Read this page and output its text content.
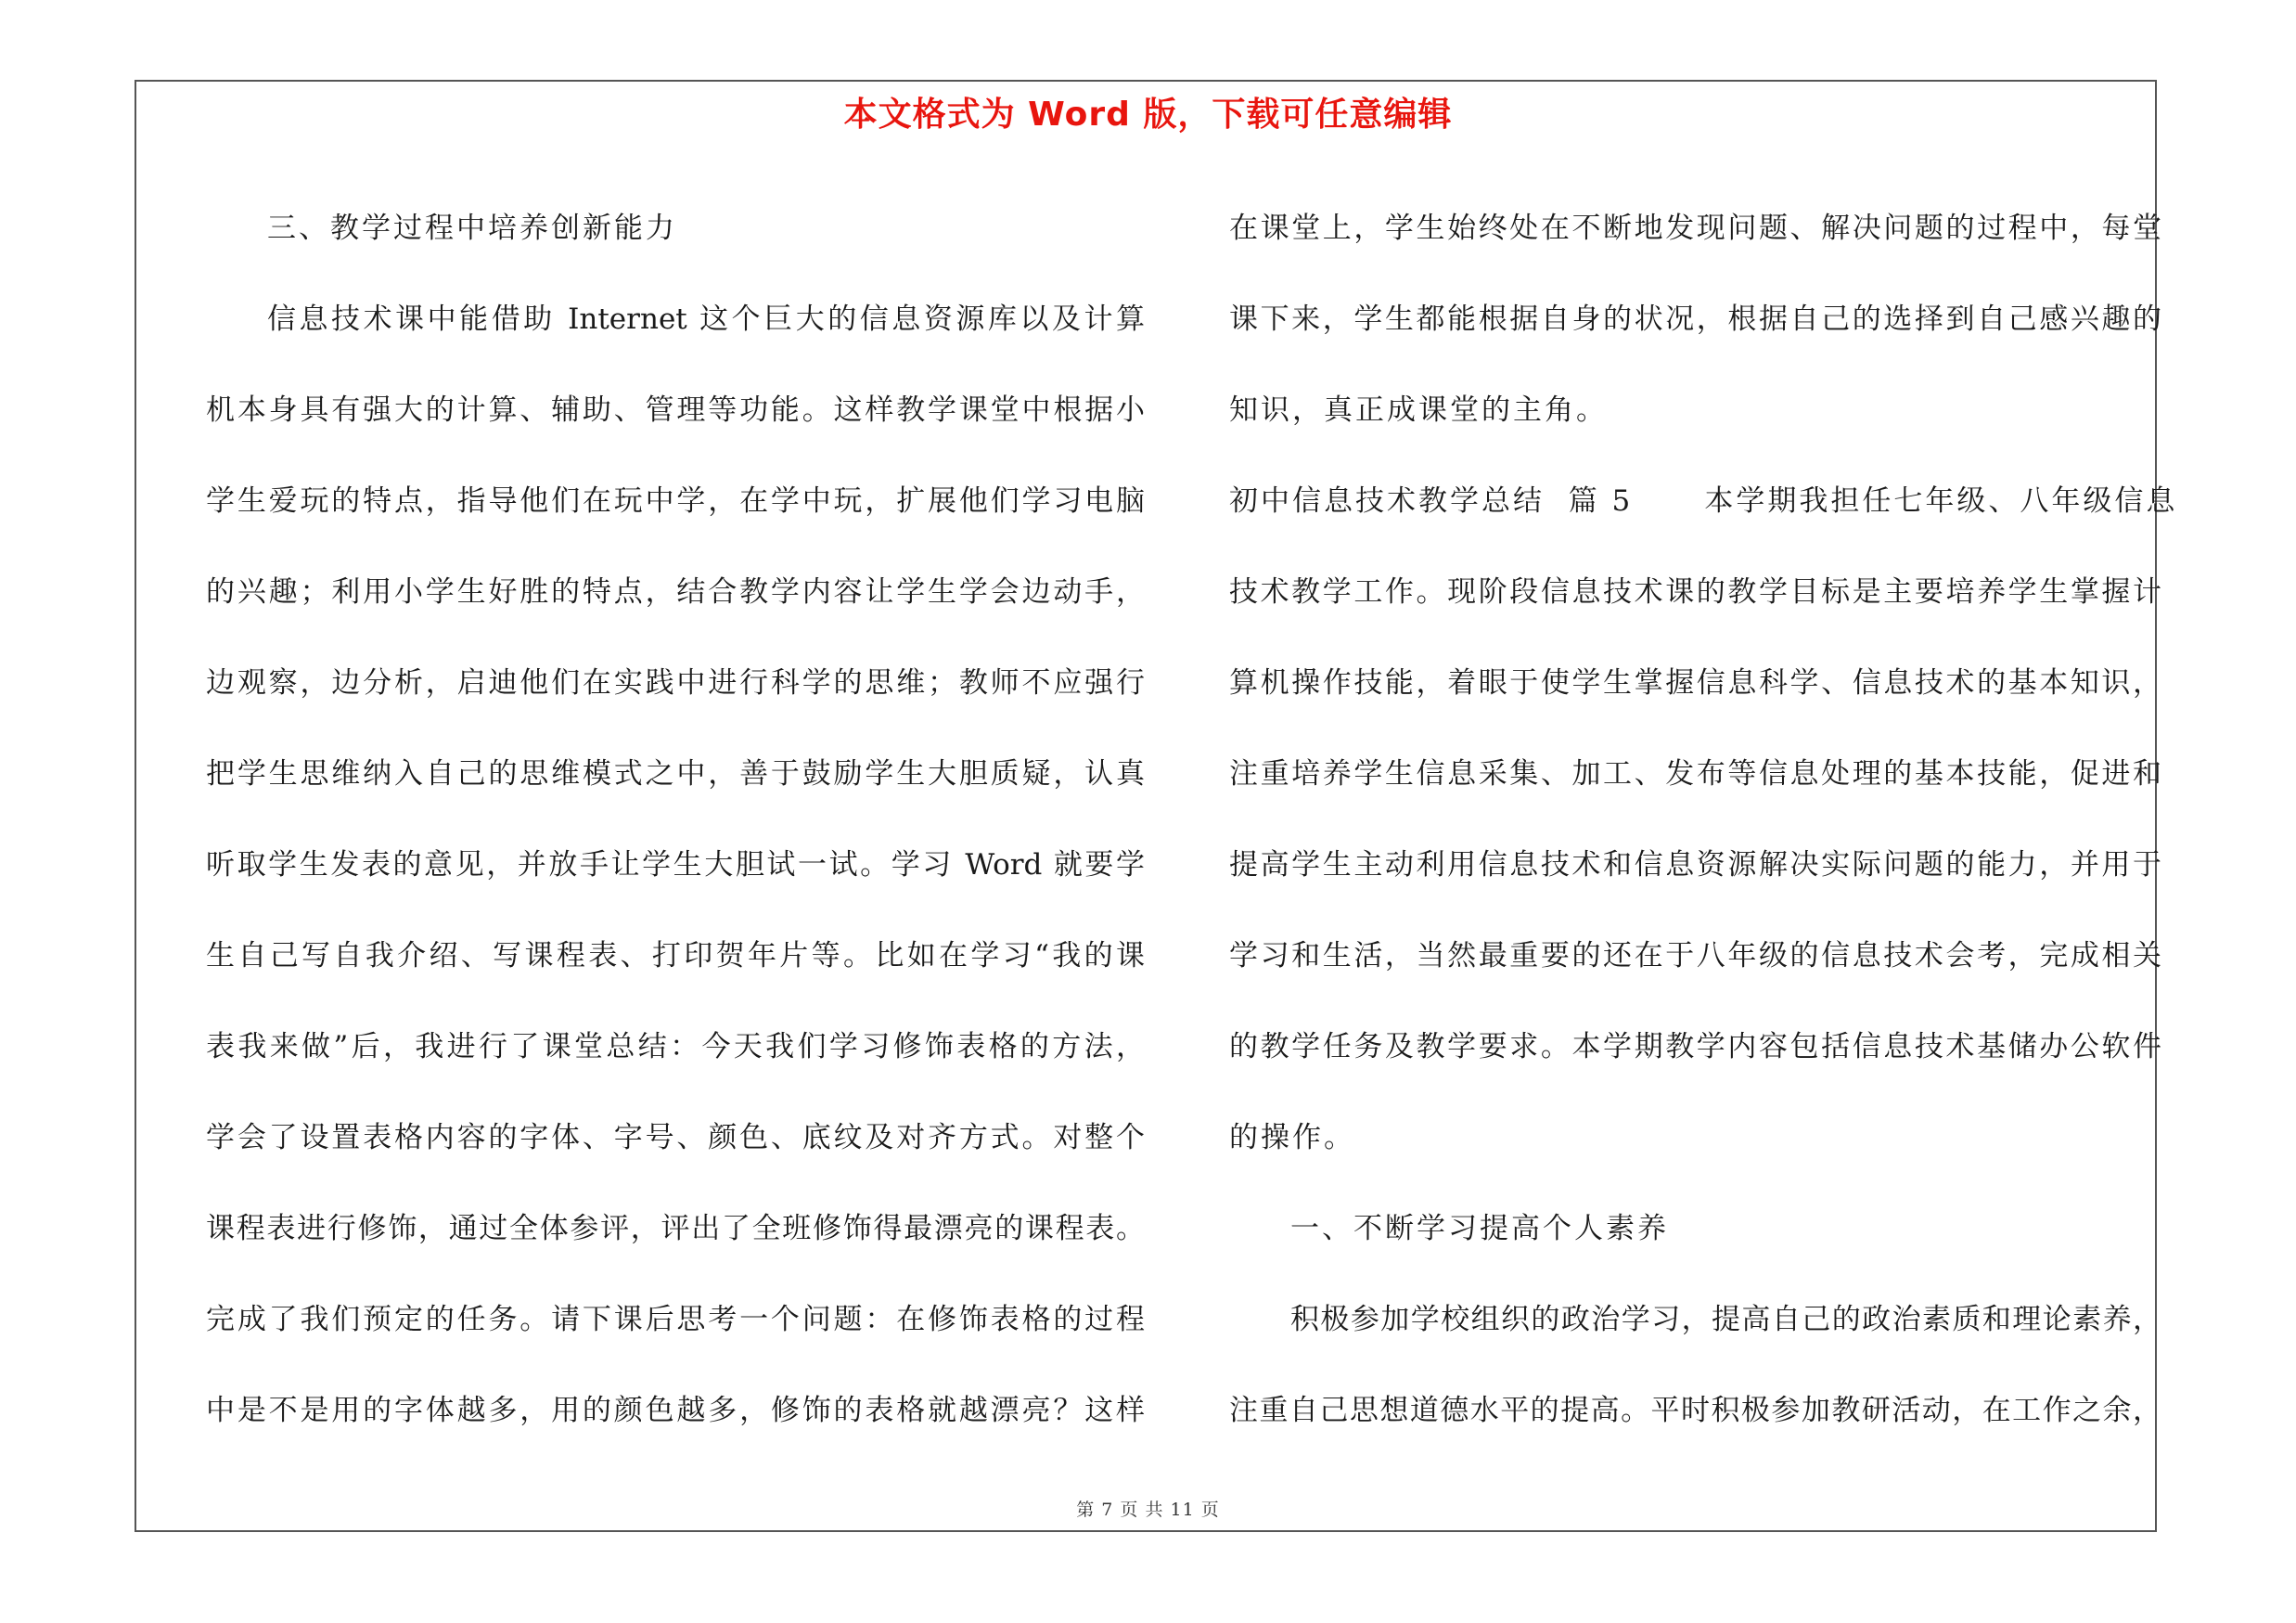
本文格式为 Word 版，下载可任意编辑
三、教学过程中培养创新能力
信息技术课中能借助 Internet 这个巨大的信息资源库以及计算
机本身具有强大的计算、辅助、管理等功能。这样教学课堂中根据小
学生爱玩的特点，指导他们在玩中学，在学中玩，扩展他们学习电脑
的兴趣；利用小学生好胜的特点，结合教学内容让学生学会边动手，
边观察，边分析，启迪他们在实践中进行科学的思维；教师不应强行
把学生思维纳入自己的思维模式之中，善于鼓励学生大胆质疑，认真
听取学生发表的意见，并放手让学生大胆试一试。学习 Word 就要学
生自己写自我介绍、写课程表、打印贺年片等。比如在学习“我的课
表我来做”后，我进行了课堂总结：今天我们学习修饰表格的方法，
学会了设置表格内容的字体、字号、颜色、底纹及对齐方式。对整个
课程表进行修饰，通过全体参评，评出了全班修饰得最漂亮的课程表。
完成了我们预定的任务。请下课后思考一个问题：在修饰表格的过程
中是不是用的字体越多，用的颜色越多，修饰的表格就越漂亮？这样
在课堂上，学生始终处在不断地发现问题、解决问题的过程中，每堂
课下来，学生都能根据自身的状况，根据自己的选择到自己感兴趣的
知识，真正成课堂的主角。
初中信息技术教学总结  篇 5      本学期我担任七年级、八年级信息
技术教学工作。现阶段信息技术课的教学目标是主要培养学生掌握计
算机操作技能，着眼于使学生掌握信息科学、信息技术的基本知识，
注重培养学生信息采集、加工、发布等信息处理的基本技能，促进和
提高学生主动利用信息技术和信息资源解决实际问题的能力，并用于
学习和生活，当然最重要的还在于八年级的信息技术会考，完成相关
的教学任务及教学要求。本学期教学内容包括信息技术基储办公软件
的操作。
一、不断学习提高个人素养
积极参加学校组织的政治学习，提高自己的政治素质和理论素养，
注重自己思想道德水平的提高。平时积极参加教研活动，在工作之余，
第 7 页 共 11 页
